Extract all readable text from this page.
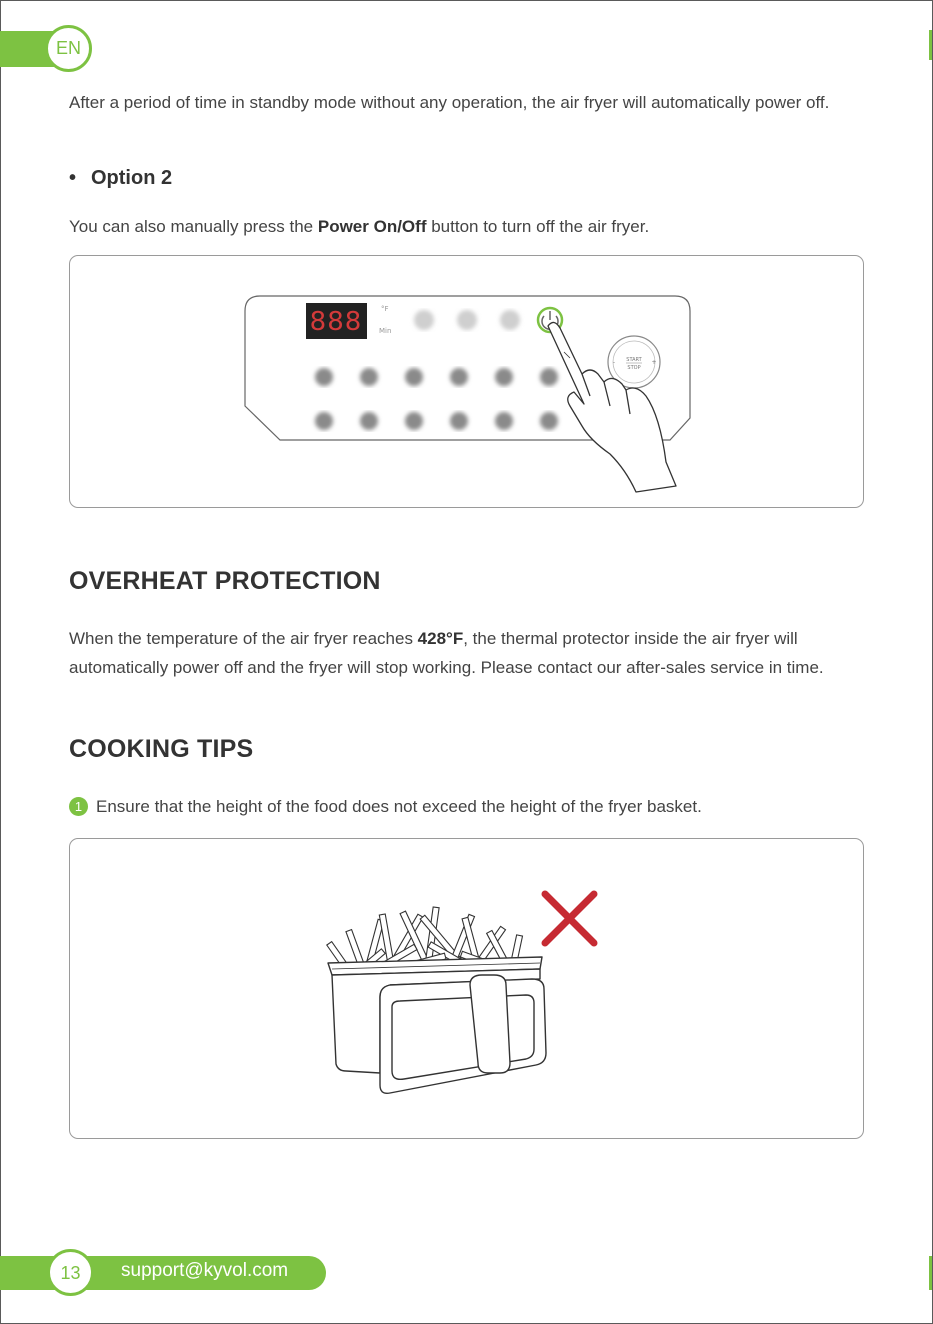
EN
After a period of time in standby mode without any operation, the air fryer will automatically power off.
• Option 2
You can also manually press the Power On/Off button to turn off the air fryer.
888	°F
Min
START
STOP
-	+
OVERHEAT PROTECTION
When the temperature of the air fryer reaches 428°F, the thermal protector inside the air fryer will automatically power off and the fryer will stop working. Please contact our after-sales service in time.
COOKING TIPS
1 Ensure that the height of the food does not exceed the height of the fryer basket.
13	support@kyvol.com
